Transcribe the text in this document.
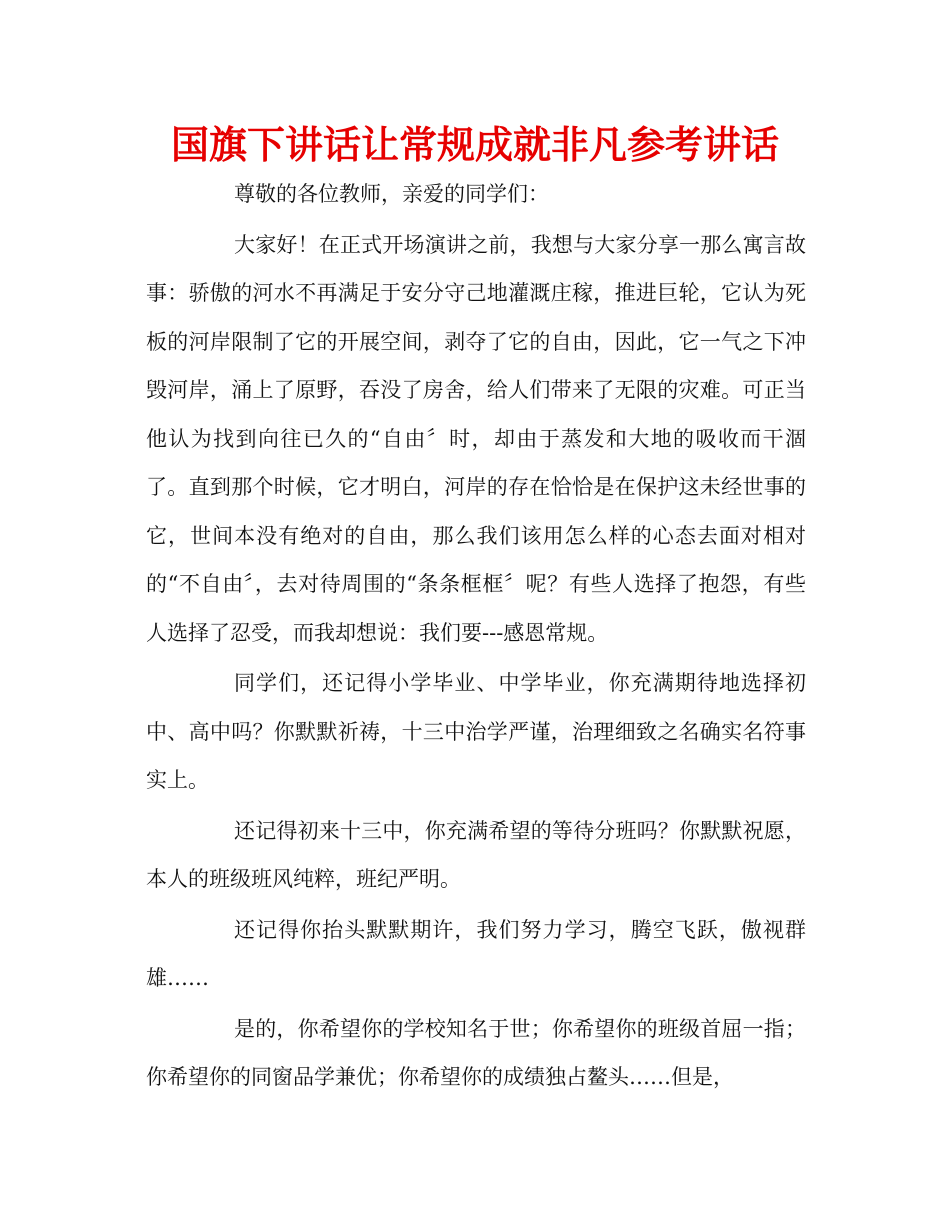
国旗下讲话让常规成就非凡参考讲话

尊敬的各位教师，亲爱的同学们：

大家好！在正式开场演讲之前，我想与大家分享一那么寓言故事：骄傲的河水不再满足于安分守己地灌溉庄稼，推进巨轮，它认为死板的河岸限制了它的开展空间，剥夺了它的自由，因此，它一气之下冲毁河岸，涌上了原野，吞没了房舍，给人们带来了无限的灾难。可正当他认为找到向往已久的“自由〞时，却由于蒸发和大地的吸收而干涸了。直到那个时候，它才明白，河岸的存在恰恰是在保护这未经世事的它，世间本没有绝对的自由，那么我们该用怎么样的心态去面对相对的“不自由〞，去对待周围的“条条框框〞呢？有些人选择了抱怨，有些人选择了忍受，而我却想说：我们要---感恩常规。

同学们，还记得小学毕业、中学毕业，你充满期待地选择初中、高中吗？你默默祈祷，十三中治学严谨，治理细致之名确实名符事实上。

还记得初来十三中，你充满希望的等待分班吗？你默默祝愿，本人的班级班风纯粹，班纪严明。

还记得你抬头默默期许，我们努力学习，腾空飞跃，傲视群雄……

是的，你希望你的学校知名于世；你希望你的班级首屈一指；你希望你的同窗品学兼优；你希望你的成绩独占鳌头……但是，
